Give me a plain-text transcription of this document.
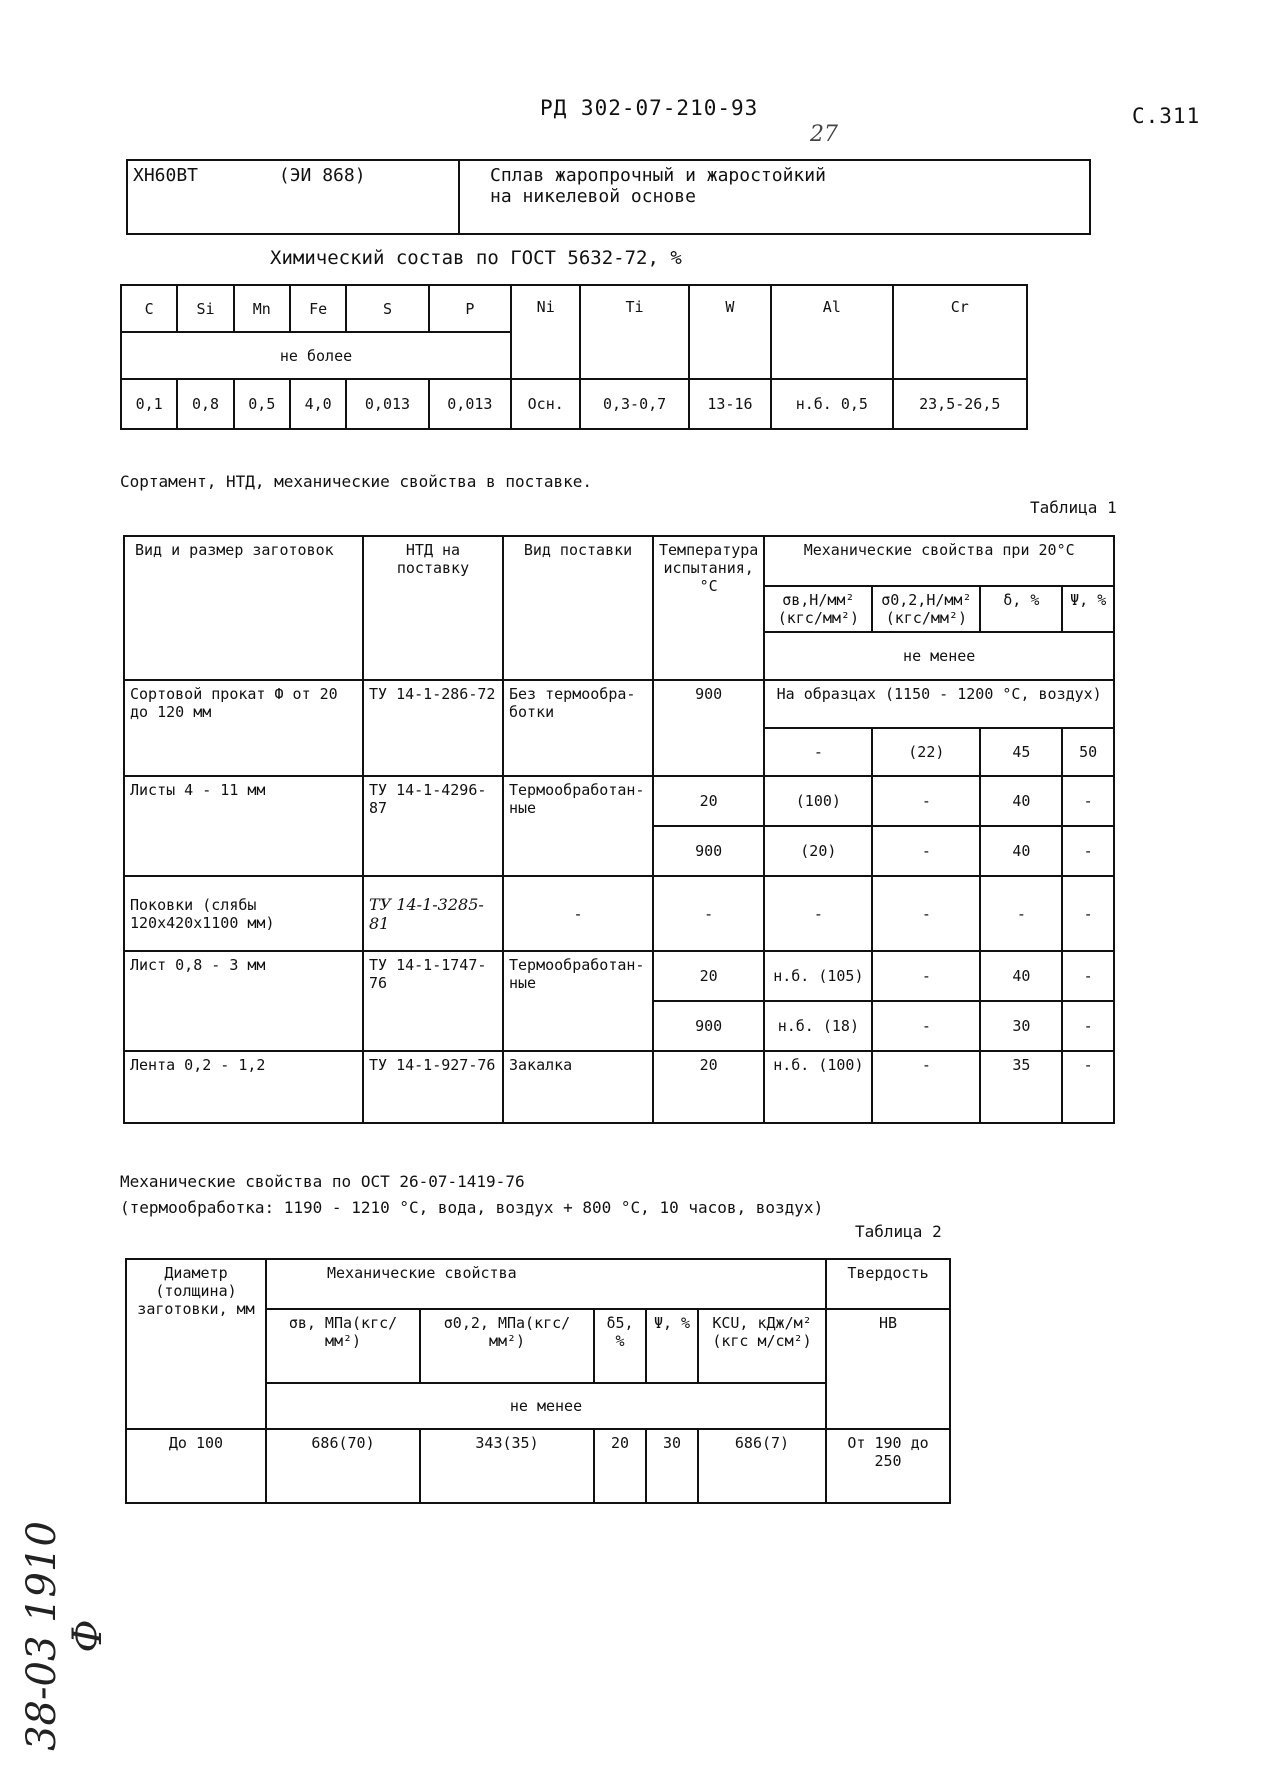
РД 302-07-210-93	С.311
27
ХН60ВТ	(ЭИ 868)	Сплав жаропрочный и жаростойкий
на никелевой основе
Химический состав по ГОСТ 5632-72, %
C	Si	Mn	Fe	S	P	Ni	Ti	W	Al	Cr
не более										
0,1	0,8	0,5	4,0	0,013	0,013	Осн.	0,3-0,7	13-16	н.б. 0,5	23,5-26,5
Сортамент, НТД, механические свойства в поставке.
Таблица 1
Вид и размер заготовок	НТД на поставку	Вид поставки	Температура испытания, °С	Механические свойства при 20°С			
				σв,Н/мм² (кгс/мм²)	σ0,2,Н/мм² (кгс/мм²)	δ, %	Ψ, %
				не менее			
Сортовой прокат Ф от 20 до 120 мм	ТУ 14-1-286-72	Без термообра- ботки	900	На образцах (1150 - 1200 °С, воздух)			
				-	(22)	45	50
Листы 4 - 11 мм	ТУ 14-1-4296-87	Термообработан- ные	20	(100)	-	40	-
			900	(20)	-	40	-
Поковки (слябы 120х420х1100 мм)	ТУ 14-1-3285-81	-	-	-	-	-	-
Лист 0,8 - 3 мм	ТУ 14-1-1747-76	Термообработан- ные	20	н.б. (105)	-	40	-
			900	н.б. (18)	-	30	-
Лента 0,2 - 1,2	ТУ 14-1-927-76	Закалка	20	н.б. (100)	-	35	-
Механические свойства по ОСТ 26-07-1419-76
(термообработка: 1190 - 1210 °С, вода, воздух + 800 °С, 10 часов, воздух)
Таблица 2
Диаметр (толщина) заготовки, мм	Механические свойства					Твердость
	σв, МПа(кгс/мм²)	σ0,2, МПа(кгс/мм²)	δ5, %	Ψ, %	KCU, кДж/м² (кгс м/см²)	НВ
	не менее					
До 100	686(70)	343(35)	20	30	686(7)	От 190 до 250
38-03 1910 Ф
